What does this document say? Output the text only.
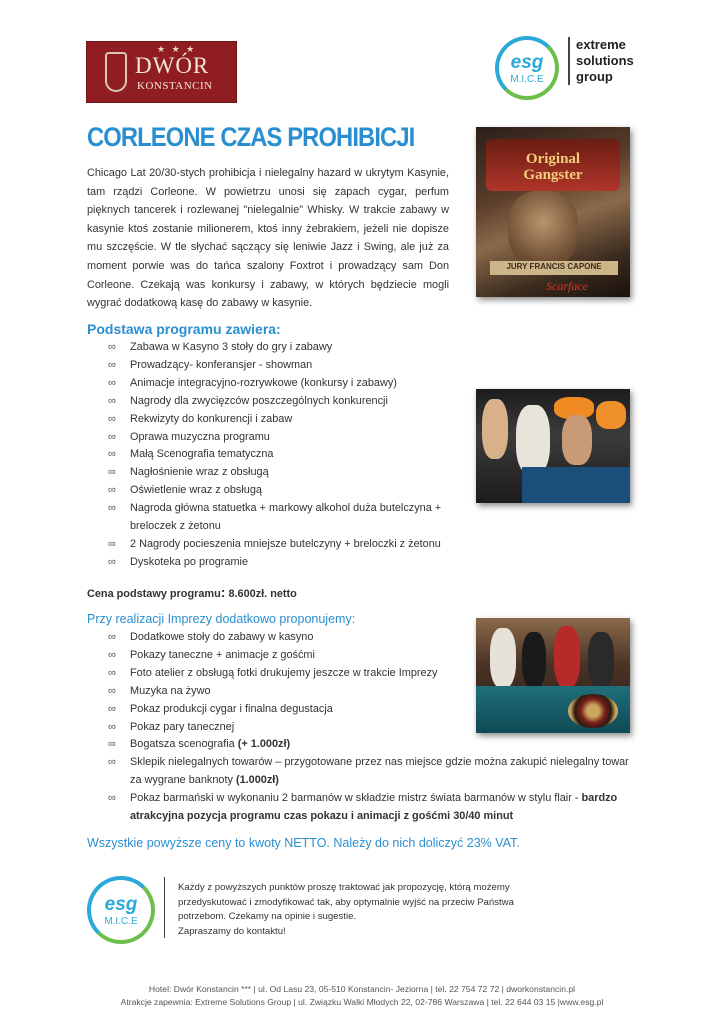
★ ★ ★
DWÓR
KONSTANCIN
esg
M.I.C.E
extreme
solutions
group
CORLEONE CZAS PROHIBICJI
Chicago Lat 20/30-stych prohibicja i nielegalny hazard w ukrytym Kasynie, tam rządzi Corleone. W powietrzu unosi się zapach cygar, perfum pięknych tancerek i rozlewanej "nielegalnie" Whisky. W trakcie zabawy w kasynie ktoś zostanie milionerem, ktoś inny żebrakiem, jeżeli nie dopisze mu szczęście. W tle słychać sączący się leniwie Jazz i Swing, ale już za moment porwie was do tańca szalony Foxtrot i prowadzący sam Don Corleone. Czekają was konkursy i zabawy, w których będziecie mogli wygrać dodatkową kasę do zabawy w kasynie.
Original
Gangster
JURY FRANCIS CAPONE
Scarface
Podstawa programu zawiera:
∞ Zabawa w Kasyno 3 stoły do gry i zabawy
∞ Prowadzący- konferansjer - showman
∞ Animacje integracyjno-rozrywkowe (konkursy i zabawy)
∞ Nagrody dla zwycięzców poszczególnych konkurencji
∞ Rekwizyty do konkurencji i zabaw
∞ Oprawa muzyczna programu
∞ Małą Scenografia tematyczna
∞ Nagłośnienie wraz z obsługą
∞ Oświetlenie wraz z obsługą
∞ Nagroda główna statuetka + markowy alkohol duża butelczyna + breloczek z żetonu
∞ 2 Nagrody pocieszenia mniejsze butelczyny + breloczki z żetonu
∞ Dyskoteka po programie
Cena podstawy programu: 8.600zł. netto
Przy realizacji Imprezy dodatkowo proponujemy:
∞ Dodatkowe stoły do zabawy w kasyno
∞ Pokazy taneczne + animacje z gośćmi
∞ Foto atelier z obsługą fotki drukujemy jeszcze w trakcie Imprezy
∞ Muzyka na żywo
∞ Pokaz produkcji cygar i finalna degustacja
∞ Pokaz pary tanecznej
∞ Bogatsza scenografia (+ 1.000zł)
∞ Sklepik nielegalnych towarów – przygotowane przez nas miejsce gdzie można zakupić nielegalny towar za wygrane banknoty (1.000zł)
∞ Pokaz barmański w wykonaniu 2 barmanów w składzie mistrz świata barmanów w stylu flair - bardzo atrakcyjna pozycja programu czas pokazu i animacji z gośćmi 30/40 minut
Wszystkie powyższe ceny to kwoty NETTO. Należy do nich doliczyć 23% VAT.
esg
M.I.C.E
Każdy z powyższych punktów proszę traktować jak propozycję, którą możemy przedyskutować i zmodyfikować tak, aby optymalnie wyjść na przeciw Państwa potrzebom. Czekamy na opinie i sugestie.
Zapraszamy do kontaktu!
Hotel: Dwór Konstancin *** | ul. Od Lasu 23, 05-510 Konstancin- Jeziorna | tel. 22 754 72 72 | dworkonstancin.pl
Atrakcje zapewnia: Extreme Solutions Group | ul. Związku Walki Młodych 22, 02-786 Warszawa | tel. 22 644 03 15 |www.esg.pl
